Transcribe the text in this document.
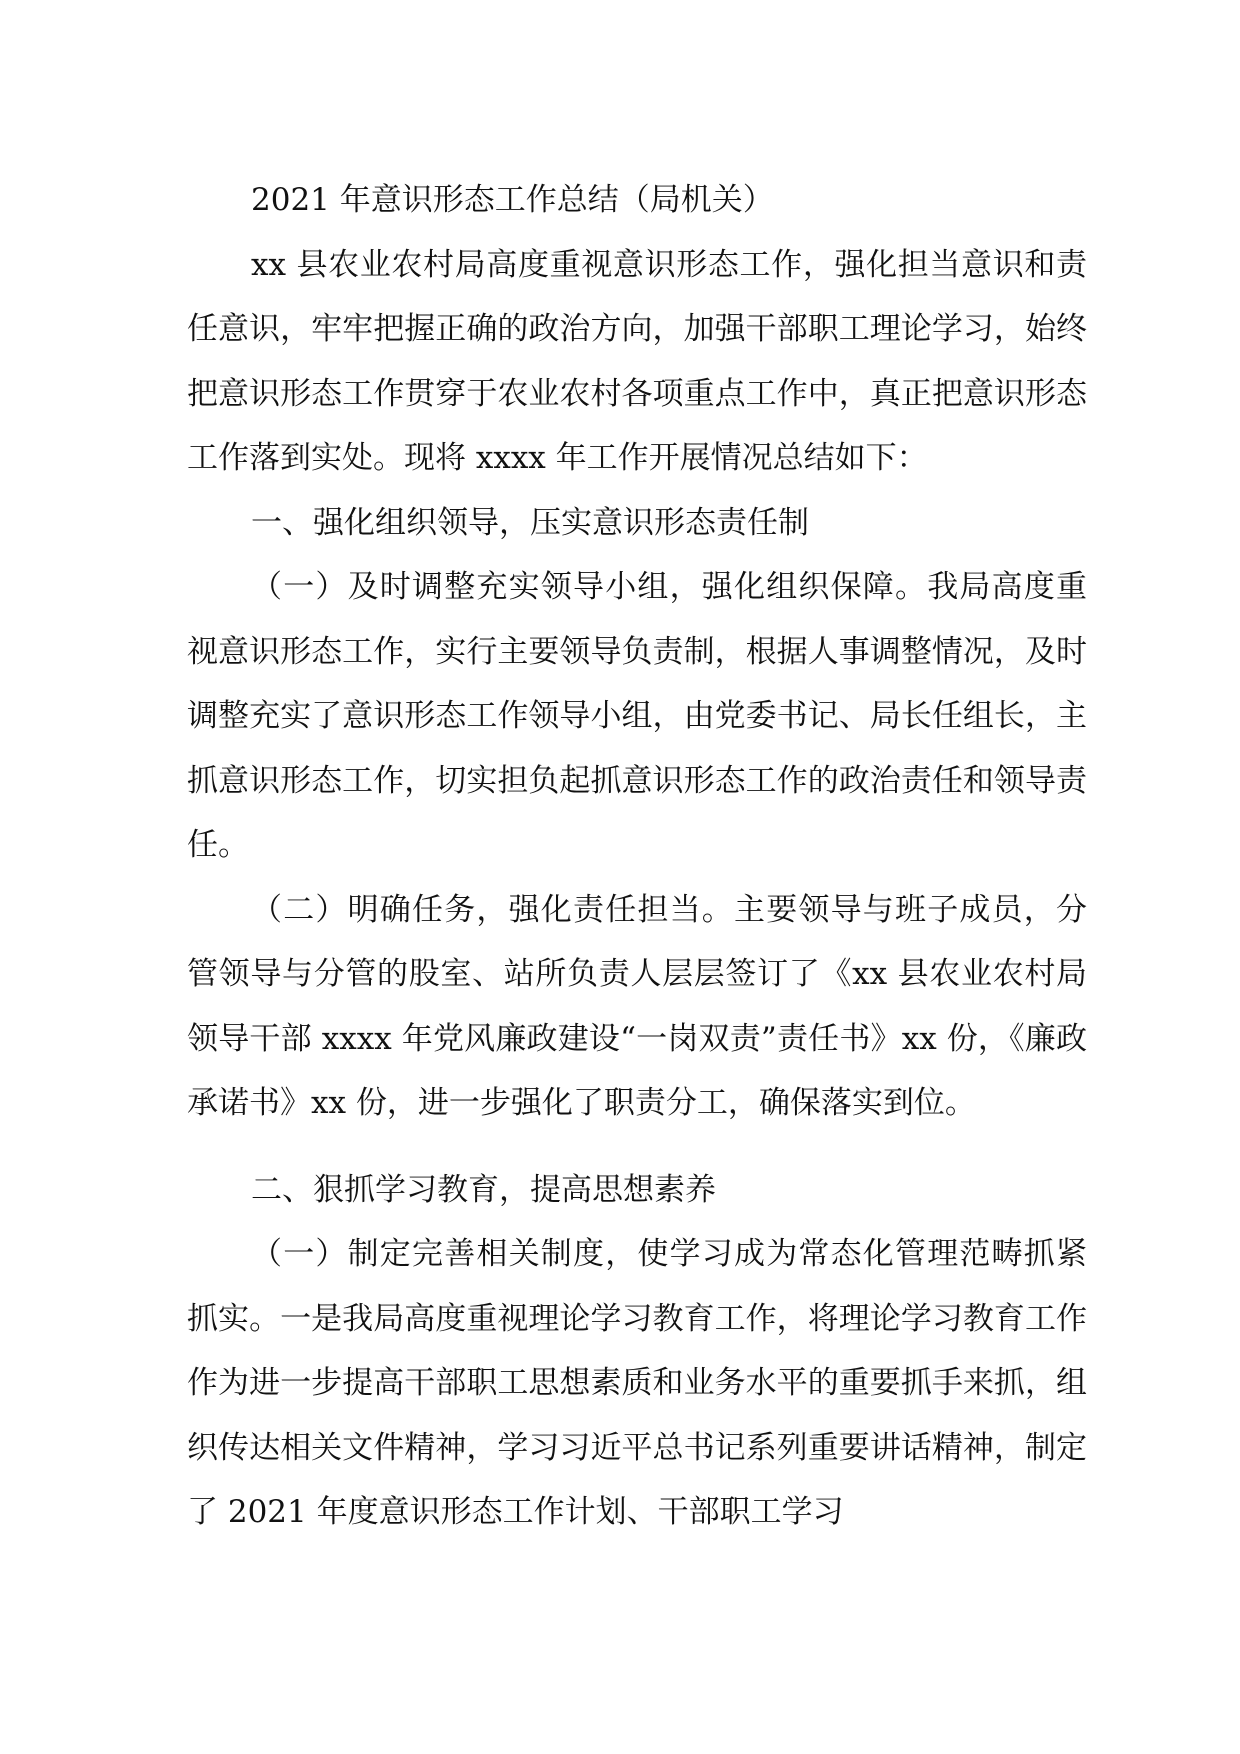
2021 年意识形态工作总结（局机关）

xx 县农业农村局高度重视意识形态工作，强化担当意识和责任意识，牢牢把握正确的政治方向，加强干部职工理论学习，始终把意识形态工作贯穿于农业农村各项重点工作中，真正把意识形态工作落到实处。现将 xxxx 年工作开展情况总结如下：

一、强化组织领导，压实意识形态责任制

（一）及时调整充实领导小组，强化组织保障。我局高度重视意识形态工作，实行主要领导负责制，根据人事调整情况，及时调整充实了意识形态工作领导小组，由党委书记、局长任组长，主抓意识形态工作，切实担负起抓意识形态工作的政治责任和领导责任。

（二）明确任务，强化责任担当。主要领导与班子成员，分管领导与分管的股室、站所负责人层层签订了《xx 县农业农村局领导干部 xxxx 年党风廉政建设“一岗双责”责任书》xx 份，《廉政承诺书》xx 份，进一步强化了职责分工，确保落实到位。

二、狠抓学习教育，提高思想素养

（一）制定完善相关制度，使学习成为常态化管理范畴抓紧抓实。一是我局高度重视理论学习教育工作，将理论学习教育工作作为进一步提高干部职工思想素质和业务水平的重要抓手来抓，组织传达相关文件精神，学习习近平总书记系列重要讲话精神，制定了 2021 年度意识形态工作计划、干部职工学习
